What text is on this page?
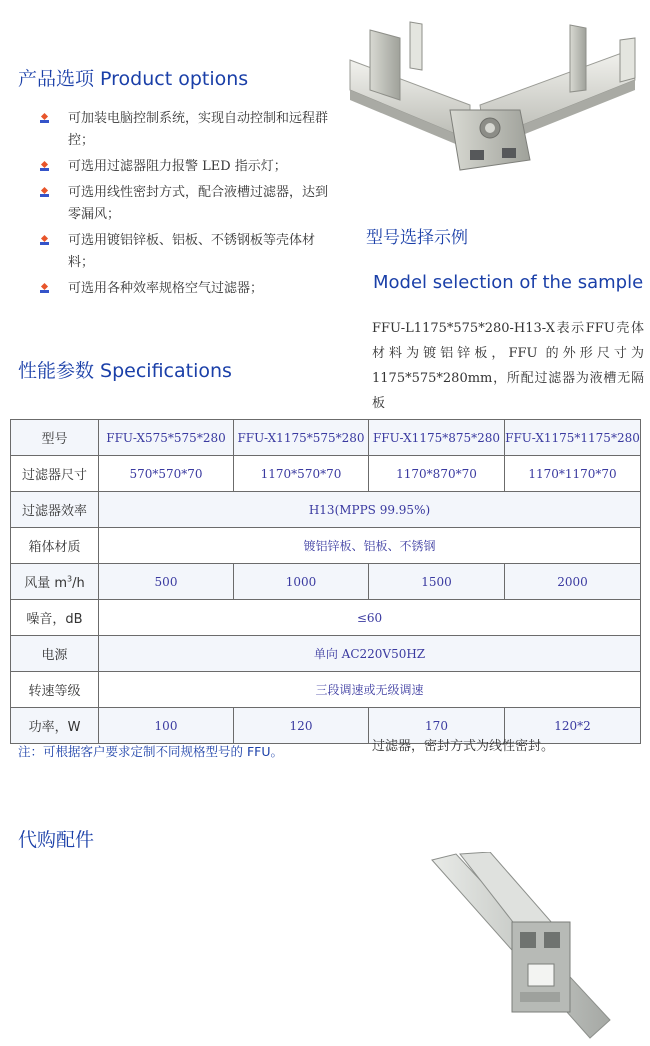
产品选项 Product options
可加装电脑控制系统，实现自动控制和远程群控；
可选用过滤器阻力报警 LED 指示灯；
可选用线性密封方式，配合液槽过滤器，达到零漏风；
可选用镀铝锌板、铝板、不锈钢板等壳体材料；
可选用各种效率规格空气过滤器；
型号选择示例
Model selection of the sample
FFU-L1175*575*280-H13-X表示FFU壳体材料为镀铝锌板，FFU 的外形尺寸为1175*575*280mm，所配过滤器为液槽无隔板
性能参数 Specifications
型号	FFU-X575*575*280	FFU-X1175*575*280	FFU-X1175*875*280	FFU-X1175*1175*280
过滤器尺寸	570*570*70	1170*570*70	1170*870*70	1170*1170*70
过滤器效率	H13(MPPS 99.95%)			
箱体材质	镀铝锌板、铝板、不锈钢			
风量 $m^3/h$	500	1000	1500	2000
噪音，dB	≤60			
电源	单向 AC220V50HZ			
转速等级	三段调速或无级调速			
功率，W	100	120	170	120*2
注：可根据客户要求定制不同规格型号的 FFU。	过滤器，密封方式为线性密封。
代购配件
